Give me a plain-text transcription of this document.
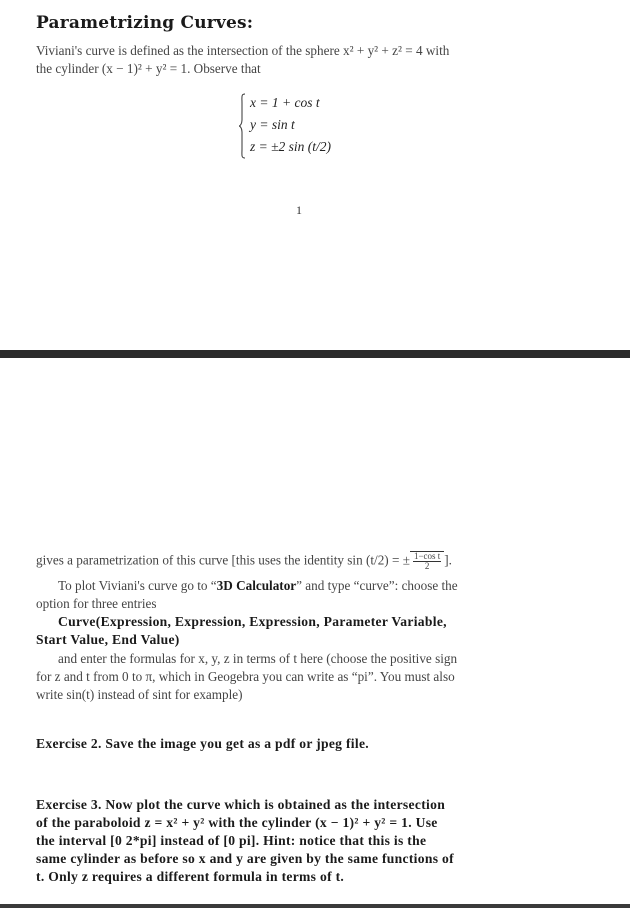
Parametrizing Curves:
Viviani's curve is defined as the intersection of the sphere x² + y² + z² = 4 with
the cylinder (x − 1)² + y² = 1. Observe that
x = 1 + cos t
y = sin t
z = ±2 sin (t/2)
1
gives a parametrization of this curve [this uses the identity sin (t/2) = ± $\frac{\text{1−cos t}}{2}$ ].
To plot Viviani's curve go to “3D Calculator” and type “curve”: choose the
option for three entries
Curve(Expression, Expression, Expression, Parameter Variable,
Start Value, End Value)
and enter the formulas for x, y, z in terms of t here (choose the positive sign
for z and t from 0 to π, which in Geogebra you can write as “pi”. You must also
write sin(t) instead of sint for example)
Exercise 2. Save the image you get as a pdf or jpeg file.
Exercise 3. Now plot the curve which is obtained as the intersection
of the paraboloid z = x² + y² with the cylinder (x − 1)² + y² = 1. Use
the interval [0 2*pi] instead of [0 pi]. Hint: notice that this is the
same cylinder as before so x and y are given by the same functions of
t. Only z requires a different formula in terms of t.
